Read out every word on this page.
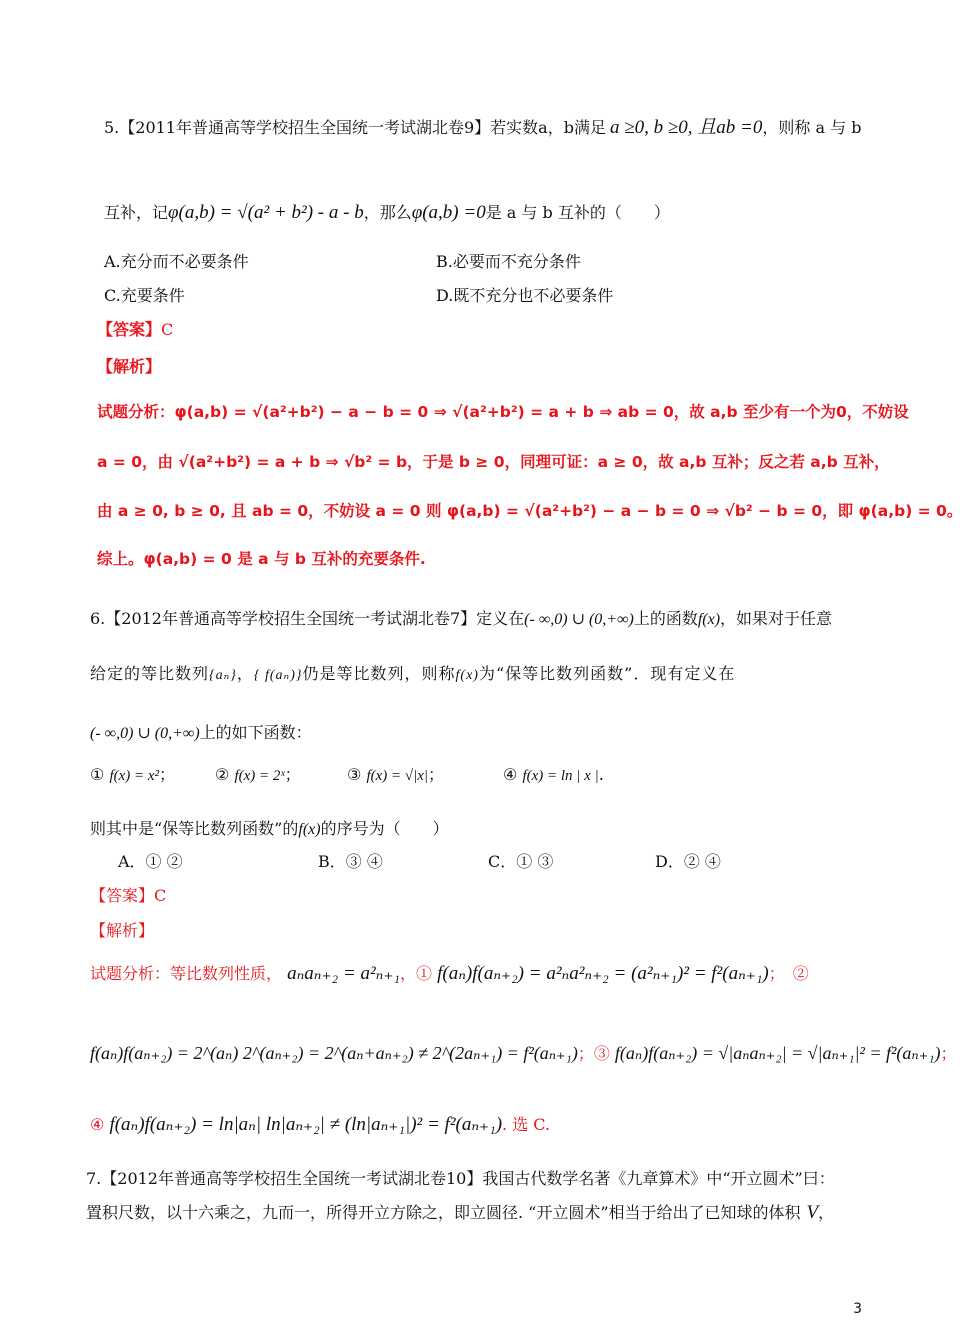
5.【2011年普通高等学校招生全国统一考试湖北卷9】若实数a，b满足 a ≥0, b ≥0, 且ab =0，则称 a 与 b
互补，记φ(a,b) = √(a² + b²) - a - b，那么φ(a,b) =0是 a 与 b 互补的（　　）
A.充分而不必要条件	B.必要而不充分条件
C.充要条件	D.既不充分也不必要条件
【答案】C
【解析】
试题分析：φ(a,b) = √(a²+b²) − a − b = 0 ⇒ √(a²+b²) = a + b ⇒ ab = 0，故 a,b 至少有一个为0，不妨设
a = 0，由 √(a²+b²) = a + b ⇒ √b² = b，于是 b ≥ 0，同理可证：a ≥ 0，故 a,b 互补；反之若 a,b 互补，
由 a ≥ 0, b ≥ 0, 且 ab = 0，不妨设 a = 0 则 φ(a,b) = √(a²+b²) − a − b = 0 ⇒ √b² − b = 0，即 φ(a,b) = 0。
综上。φ(a,b) = 0 是 a 与 b 互补的充要条件.
6.【2012年普通高等学校招生全国统一考试湖北卷7】定义在(- ∞,0) ∪ (0,+∞)上的函数f(x)，如果对于任意
给定的等比数列{aₙ}，{ f(aₙ)}仍是等比数列，则称f(x)为“保等比数列函数”．现有定义在
(- ∞,0) ∪ (0,+∞)上的如下函数：
① f(x) = x²； ② f(x) = 2ˣ；	③ f(x) = √|x|；	④ f(x) = ln | x |.
则其中是“保等比数列函数”的f(x)的序号为（　　）
A．① ②	B．③ ④	C．① ③	D．② ④
【答案】C
【解析】
试题分析：等比数列性质， aₙaₙ₊₂ = a²ₙ₊₁，① f(aₙ)f(aₙ₊₂) = a²ₙa²ₙ₊₂ = (a²ₙ₊₁)² = f²(aₙ₊₁)；　②
f(aₙ)f(aₙ₊₂) = 2^(aₙ) 2^(aₙ₊₂) = 2^(aₙ+aₙ₊₂) ≠ 2^(2aₙ₊₁) = f²(aₙ₊₁)；③ f(aₙ)f(aₙ₊₂) = √|aₙaₙ₊₂| = √|aₙ₊₁|² = f²(aₙ₊₁)；
④ f(aₙ)f(aₙ₊₂) = ln|aₙ| ln|aₙ₊₂| ≠ (ln|aₙ₊₁|)² = f²(aₙ₊₁). 选 C.
7.【2012年普通高等学校招生全国统一考试湖北卷10】我国古代数学名著《九章算术》中“开立圆术”曰：
置积尺数，以十六乘之，九而一，所得开立方除之，即立圆径. “开立圆术”相当于给出了已知球的体积 V，
3
